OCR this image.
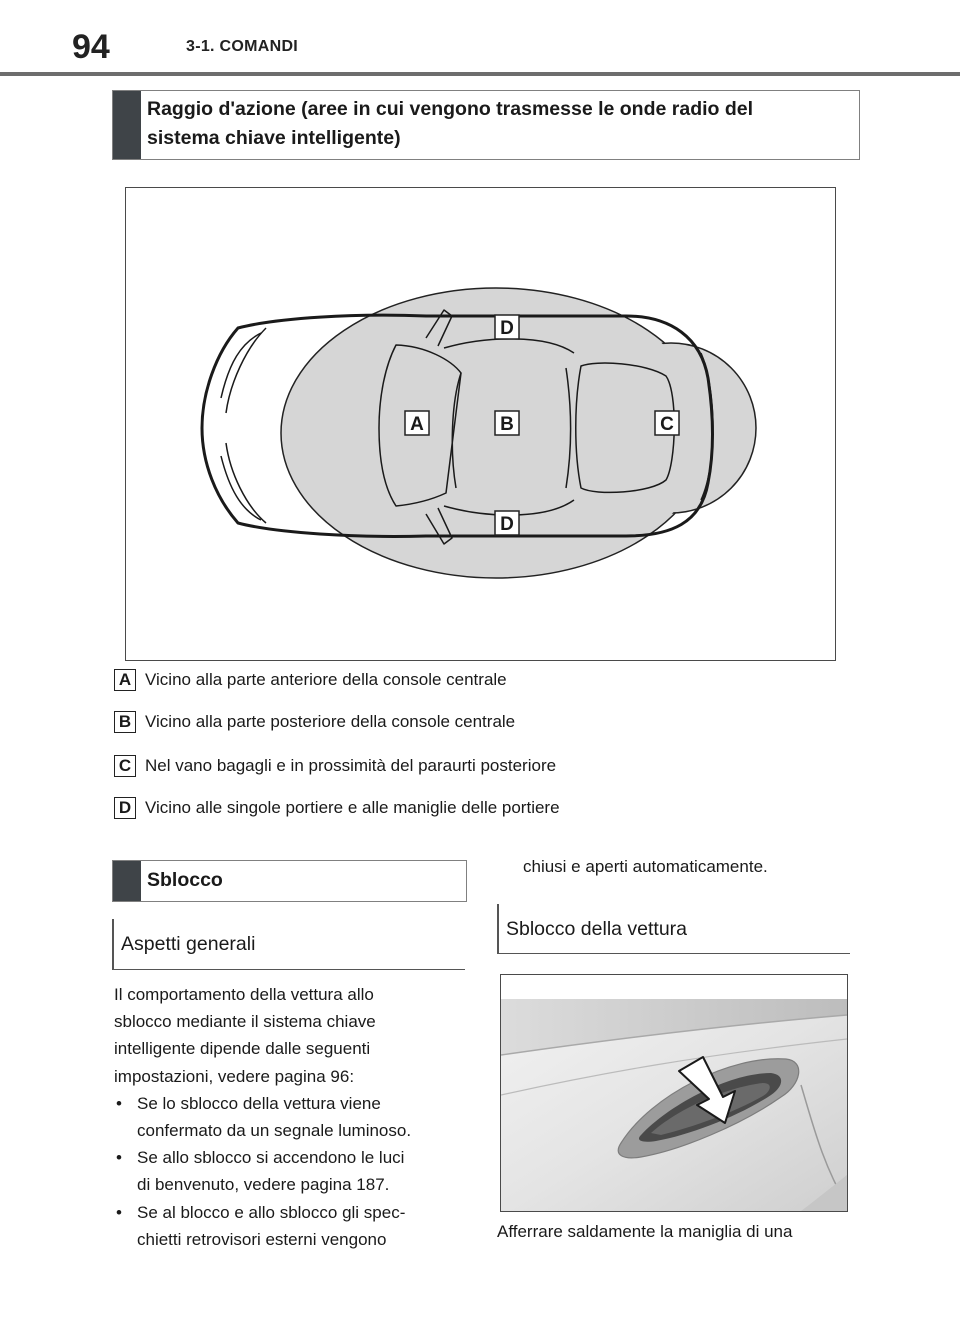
94	3-1. COMANDI
Raggio d'azione (aree in cui vengono trasmesse le onde radio del
sistema chiave intelligente)
D
A	B	C
D
A Vicino alla parte anteriore della console centrale
B Vicino alla parte posteriore della console centrale
C Nel vano bagagli e in prossimità del paraurti posteriore
D Vicino alle singole portiere e alle maniglie delle portiere
Sblocco
Aspetti generali
Il comportamento della vettura allo
sblocco mediante il sistema chiave
intelligente dipende dalle seguenti
impostazioni, vedere pagina 96:
• Se lo sblocco della vettura viene
confermato da un segnale luminoso.
• Se allo sblocco si accendono le luci
di benvenuto, vedere pagina 187.
• Se al blocco e allo sblocco gli spec-
chietti retrovisori esterni vengono
chiusi e aperti automaticamente.
Sblocco della vettura
Afferrare saldamente la maniglia di una
